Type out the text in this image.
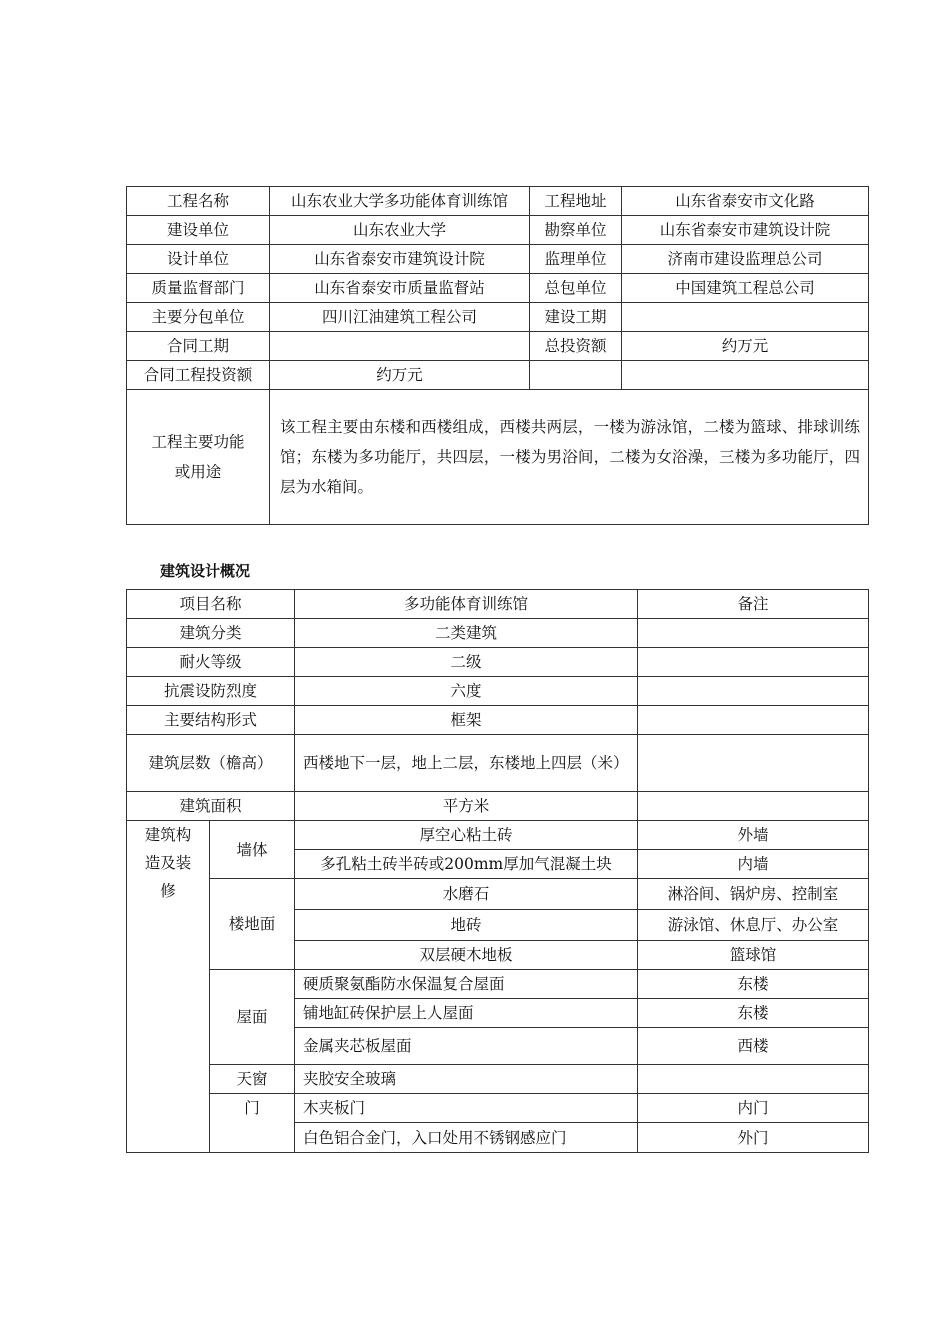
工程名称	山东农业大学多功能体育训练馆	工程地址	山东省泰安市文化路
建设单位	山东农业大学	勘察单位	山东省泰安市建筑设计院
设计单位	山东省泰安市建筑设计院	监理单位	济南市建设监理总公司
质量监督部门	山东省泰安市质量监督站	总包单位	中国建筑工程总公司
主要分包单位	四川江油建筑工程公司	建设工期	
合同工期		总投资额	约万元
合同工程投资额	约万元		
工程主要功能
或用途	该工程主要由东楼和西楼组成，西楼共两层，一楼为游泳馆，二楼为篮球、排球训练馆；东楼为多功能厅，共四层，一楼为男浴间，二楼为女浴澡，三楼为多功能厅，四层为水箱间。		
建筑设计概况
项目名称		多功能体育训练馆	备注
建筑分类		二类建筑	
耐火等级		二级	
抗震设防烈度		六度	
主要结构形式		框架	
建筑层数（檐高）		西楼地下一层，地上二层，东楼地上四层（米）	
建筑面积		平方米	
建筑构
造及装
修	墙体	厚空心粘土砖	外墙
		多孔粘土砖半砖或200mm厚加气混凝土块	内墙
	楼地面	水磨石	淋浴间、锅炉房、控制室
		地砖	游泳馆、休息厅、办公室
		双层硬木地板	篮球馆
	屋面	硬质聚氨酯防水保温复合屋面	东楼
		铺地缸砖保护层上人屋面	东楼
		金属夹芯板屋面	西楼
	天窗	夹胶安全玻璃	
	门	木夹板门	内门
		白色铝合金门，入口处用不锈钢感应门	外门
